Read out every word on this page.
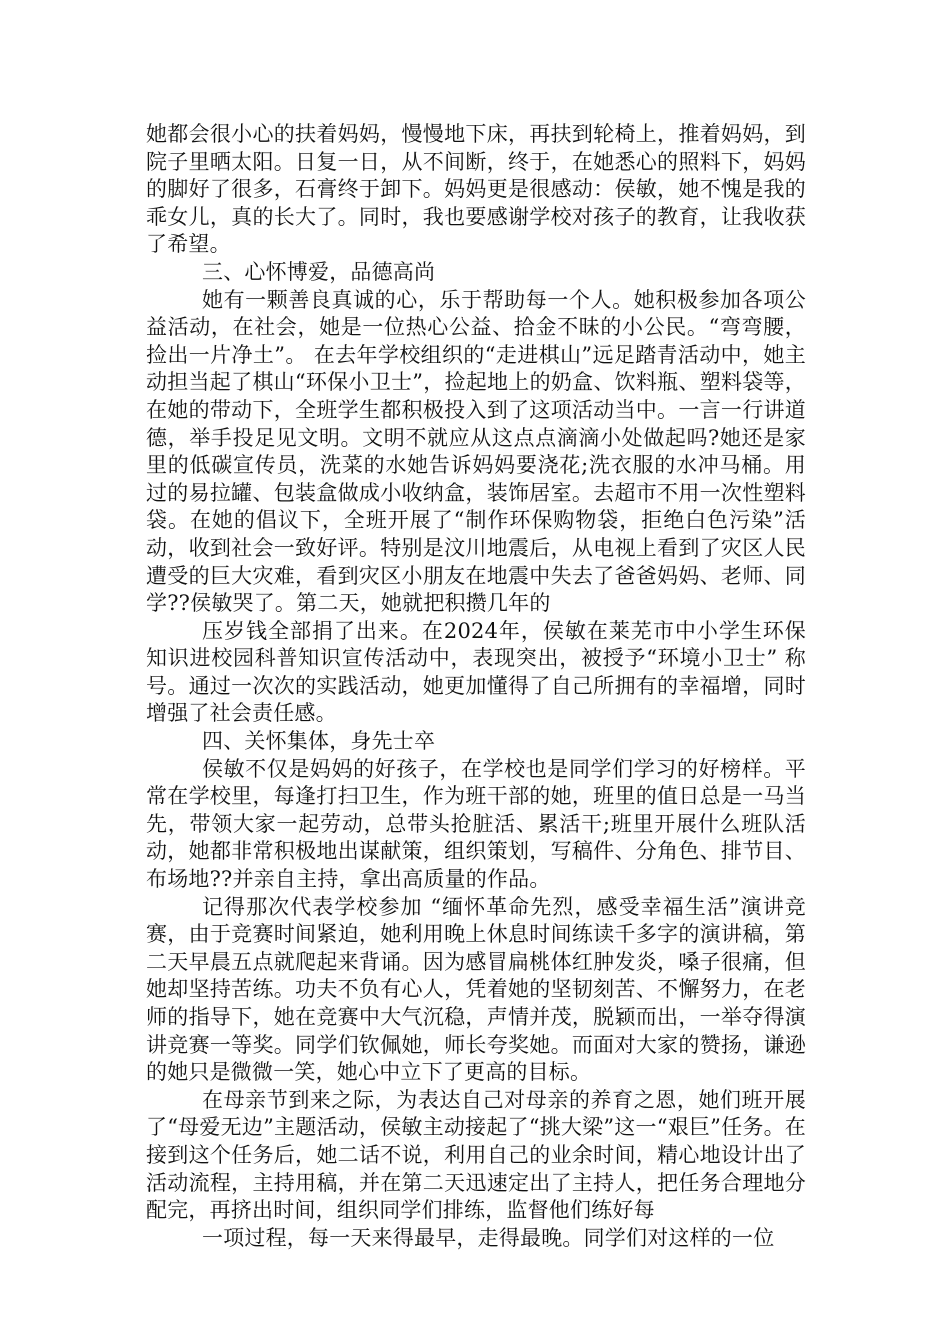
她都会很小心的扶着妈妈，慢慢地下床，再扶到轮椅上，推着妈妈，到院子里晒太阳。日复一日，从不间断，终于，在她悉心的照料下，妈妈的脚好了很多，石膏终于卸下。妈妈更是很感动：侯敏，她不愧是我的乖女儿，真的长大了。同时，我也要感谢学校对孩子的教育，让我收获了希望。

三、心怀博爱，品德高尚

她有一颗善良真诚的心，乐于帮助每一个人。她积极参加各项公益活动，在社会，她是一位热心公益、拾金不昧的小公民。“弯弯腰，捡出一片净土”。 在去年学校组织的“走进棋山”远足踏青活动中，她主动担当起了棋山“环保小卫士”，捡起地上的奶盒、饮料瓶、塑料袋等，在她的带动下，全班学生都积极投入到了这项活动当中。一言一行讲道德，举手投足见文明。文明不就应从这点点滴滴小处做起吗?她还是家里的低碳宣传员，洗菜的水她告诉妈妈要浇花;洗衣服的水冲马桶。用过的易拉罐、包装盒做成小收纳盒，装饰居室。去超市不用一次性塑料袋。在她的倡议下，全班开展了“制作环保购物袋，拒绝白色污染”活动，收到社会一致好评。特别是汶川地震后，从电视上看到了灾区人民遭受的巨大灾难，看到灾区小朋友在地震中失去了爸爸妈妈、老师、同学??侯敏哭了。第二天，她就把积攒几年的

压岁钱全部捐了出来。在2024年，侯敏在莱芜市中小学生环保知识进校园科普知识宣传活动中，表现突出，被授予“环境小卫士” 称号。通过一次次的实践活动，她更加懂得了自己所拥有的幸福增，同时增强了社会责任感。

四、关怀集体，身先士卒

侯敏不仅是妈妈的好孩子，在学校也是同学们学习的好榜样。平常在学校里，每逢打扫卫生，作为班干部的她，班里的值日总是一马当先，带领大家一起劳动，总带头抢脏活、累活干;班里开展什么班队活动，她都非常积极地出谋献策，组织策划，写稿件、分角色、排节目、布场地??并亲自主持，拿出高质量的作品。

记得那次代表学校参加 “缅怀革命先烈，感受幸福生活”演讲竞赛，由于竞赛时间紧迫，她利用晚上休息时间练读千多字的演讲稿，第二天早晨五点就爬起来背诵。因为感冒扁桃体红肿发炎，嗓子很痛，但她却坚持苦练。功夫不负有心人，凭着她的坚韧刻苦、不懈努力，在老师的指导下，她在竞赛中大气沉稳，声情并茂，脱颖而出，一举夺得演讲竞赛一等奖。同学们钦佩她，师长夸奖她。而面对大家的赞扬，谦逊的她只是微微一笑，她心中立下了更高的目标。

在母亲节到来之际，为表达自己对母亲的养育之恩，她们班开展了“母爱无边”主题活动，侯敏主动接起了“挑大梁”这一“艰巨”任务。在接到这个任务后，她二话不说，利用自己的业余时间，精心地设计出了活动流程，主持用稿，并在第二天迅速定出了主持人，把任务合理地分配完，再挤出时间，组织同学们排练，监督他们练好每

一项过程，每一天来得最早，走得最晚。同学们对这样的一位
